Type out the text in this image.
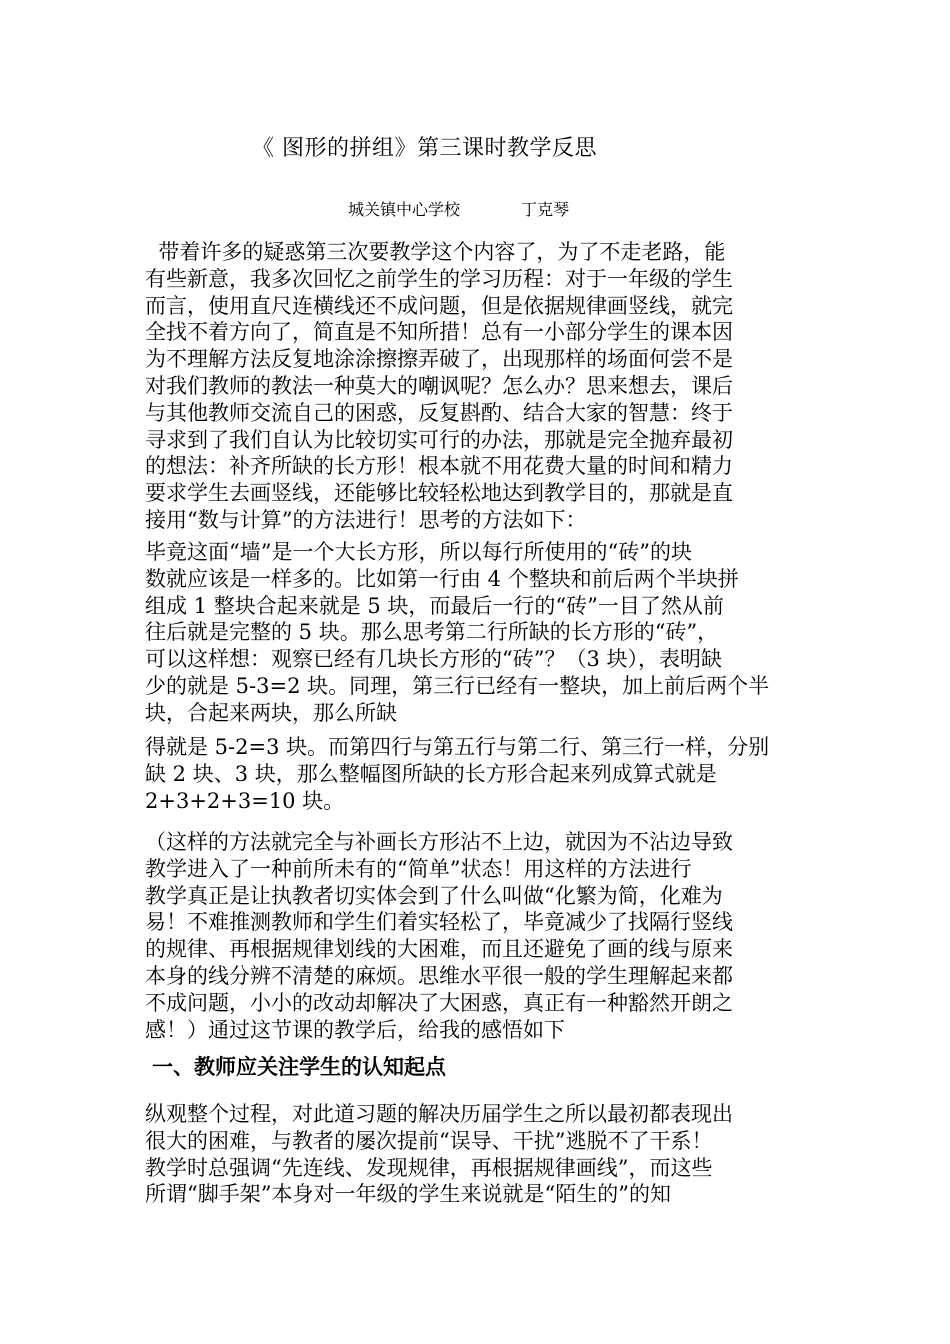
《 图形的拼组》第三课时教学反思
城关镇中心学校	丁克琴
带着许多的疑惑第三次要教学这个内容了，为了不走老路，能
有些新意，我多次回忆之前学生的学习历程：对于一年级的学生
而言，使用直尺连横线还不成问题，但是依据规律画竖线，就完
全找不着方向了，简直是不知所措！总有一小部分学生的课本因
为不理解方法反复地涂涂擦擦弄破了，出现那样的场面何尝不是
对我们教师的教法一种莫大的嘲讽呢？怎么办？思来想去，课后
与其他教师交流自己的困惑，反复斟酌、结合大家的智慧：终于
寻求到了我们自认为比较切实可行的办法，那就是完全抛弃最初
的想法：补齐所缺的长方形！根本就不用花费大量的时间和精力
要求学生去画竖线，还能够比较轻松地达到教学目的，那就是直
接用“数与计算”的方法进行！思考的方法如下：
毕竟这面“墙”是一个大长方形，所以每行所使用的“砖”的块
数就应该是一样多的。比如第一行由 4 个整块和前后两个半块拼
组成 1 整块合起来就是 5 块，而最后一行的“砖”一目了然从前
往后就是完整的 5 块。那么思考第二行所缺的长方形的“砖”，
可以这样想：观察已经有几块长方形的“砖”？（3 块），表明缺
少的就是 5-3=2 块。同理，第三行已经有一整块，加上前后两个半
块，合起来两块，那么所缺
得就是 5-2=3 块。而第四行与第五行与第二行、第三行一样，分别
缺 2 块、3 块，那么整幅图所缺的长方形合起来列成算式就是
2+3+2+3=10 块。
（这样的方法就完全与补画长方形沾不上边，就因为不沾边导致
教学进入了一种前所未有的“简单”状态！用这样的方法进行
教学真正是让执教者切实体会到了什么叫做“化繁为简，化难为
易！不难推测教师和学生们着实轻松了，毕竟减少了找隔行竖线
的规律、再根据规律划线的大困难，而且还避免了画的线与原来
本身的线分辨不清楚的麻烦。思维水平很一般的学生理解起来都
不成问题，小小的改动却解决了大困惑，真正有一种豁然开朗之
感！）通过这节课的教学后，给我的感悟如下
一、教师应关注学生的认知起点
纵观整个过程，对此道习题的解决历届学生之所以最初都表现出
很大的困难，与教者的屡次提前“误导、干扰”逃脱不了干系！
教学时总强调“先连线、发现规律，再根据规律画线”，而这些
所谓“脚手架”本身对一年级的学生来说就是“陌生的”的知
